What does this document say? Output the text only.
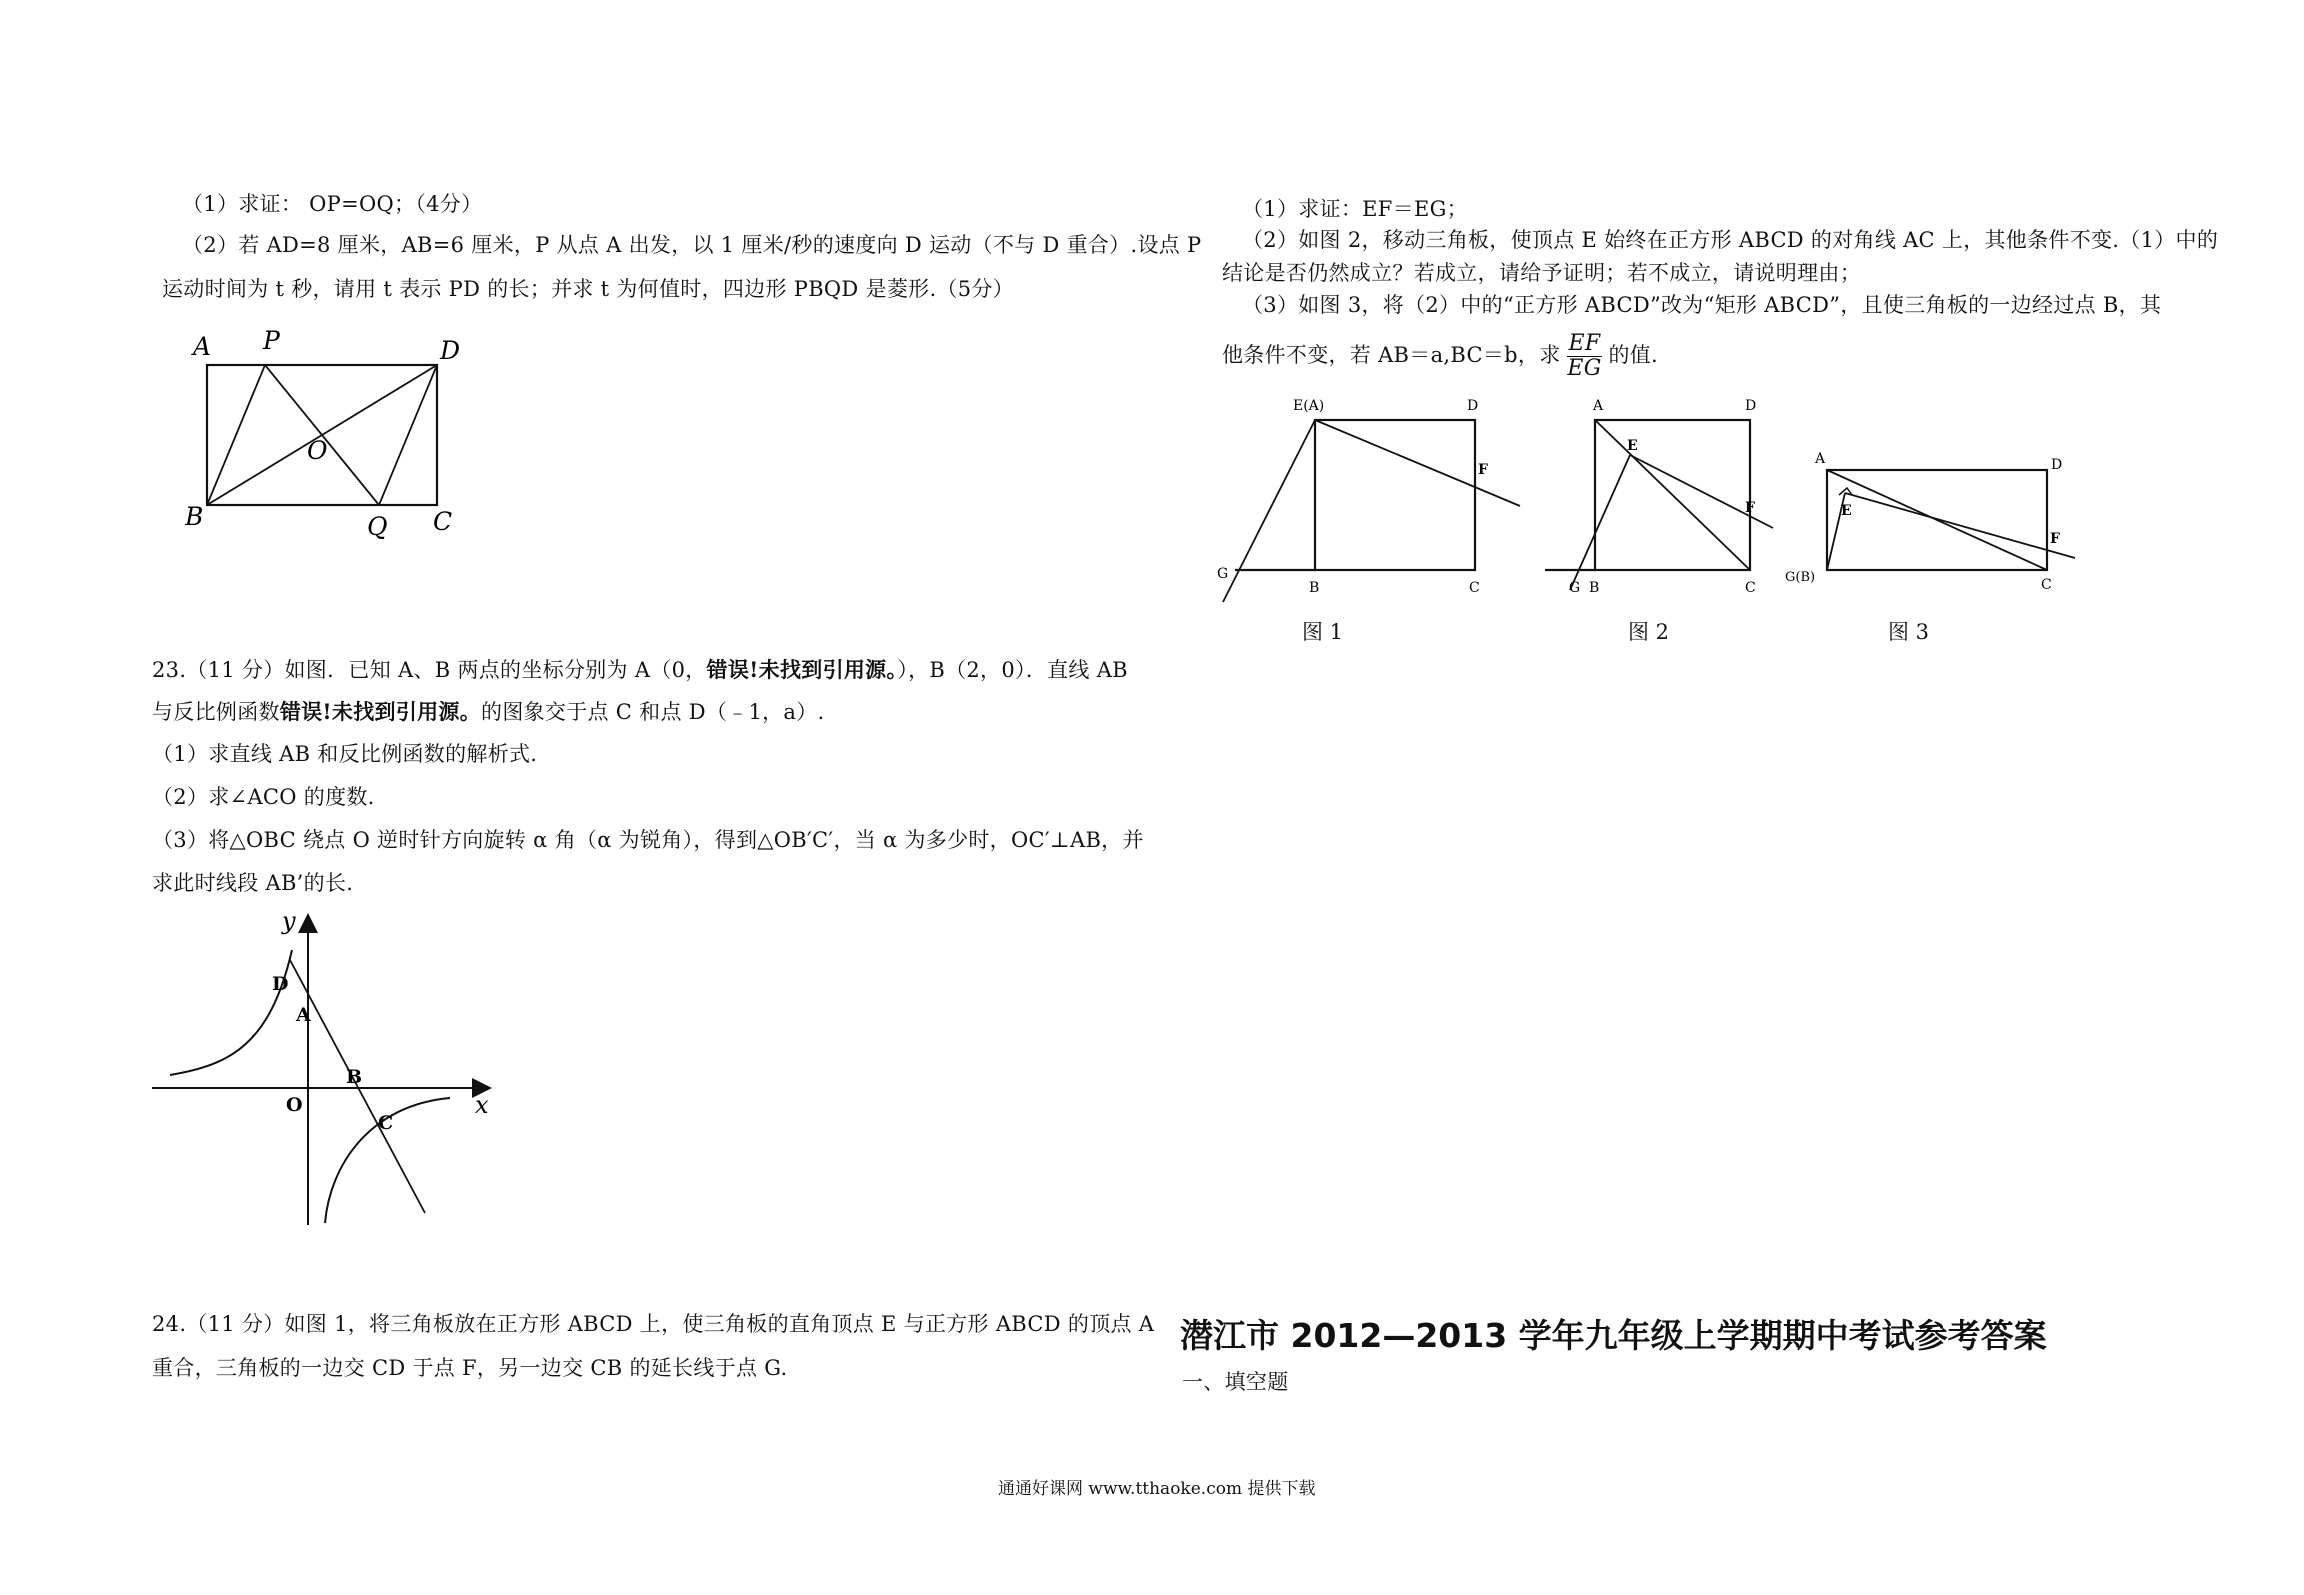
（1）求证： OP=OQ；（4分）
（2）若 AD=8 厘米，AB=6 厘米，P 从点 A 出发，以 1 厘米/秒的速度向 D 运动（不与 D 重合）.设点 P
运动时间为 t 秒，请用 t 表示 PD 的长；并求 t 为何值时，四边形 PBQD 是菱形.（5分）
A P	D
O
B	Q C
23.（11 分）如图．已知 A、B 两点的坐标分别为 A（0，错误!未找到引用源。），B（2，0）．直线 AB
与反比例函数错误!未找到引用源。的图象交于点 C 和点 D（﹣1，a）.
（1）求直线 AB 和反比例函数的解析式.
（2）求∠ACO 的度数.
（3）将△OBC 绕点 O 逆时针方向旋转 α 角（α 为锐角），得到△OB′C′，当 α 为多少时，OC′⊥AB，并
求此时线段 AB’的长.
y
x
D
A
B
O
C
24.（11 分）如图 1，将三角板放在正方形 ABCD 上，使三角板的直角顶点 E 与正方形 ABCD 的顶点 A
重合，三角板的一边交 CD 于点 F，另一边交 CB 的延长线于点 G.
（1）求证：EF＝EG；
（2）如图 2，移动三角板，使顶点 E 始终在正方形 ABCD 的对角线 AC 上，其他条件不变.（1）中的
结论是否仍然成立？若成立，请给予证明；若不成立，请说明理由；
（3）如图 3，将（2）中的“正方形 ABCD”改为“矩形 ABCD”，且使三角板的一边经过点 B，其
他条件不变，若 AB＝a,BC＝b，求 $\frac{EF}{EG}$ 的值.
E(A)	D
F
C
B
G
A	D
E
F
G B	C
A	D
E
F
G(B)	C
图 1	图 2	图 3
潜江市 2012—2013 学年九年级上学期期中考试参考答案
一、填空题
通通好课网 www.tthaoke.com 提供下载
